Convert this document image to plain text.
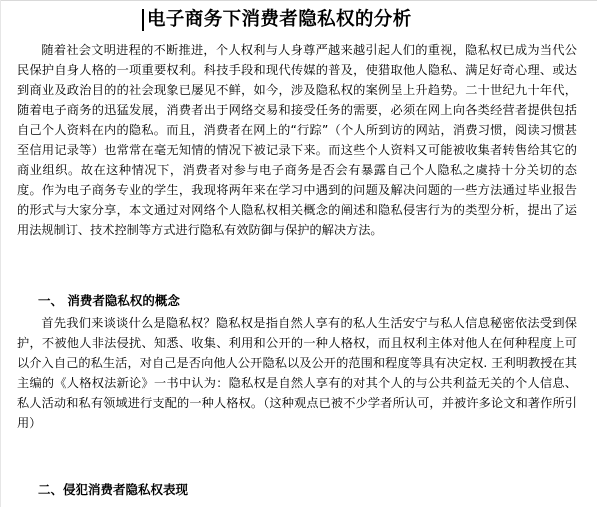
电子商务下消费者隐私权的分析
随着社会文明进程的不断推进，个人权利与人身尊严越来越引起人们的重视，隐私权已成为当代公民保护自身人格的一项重要权利。科技手段和现代传媒的普及，使猎取他人隐私、满足好奇心理、或达到商业及政治目的的社会现象已屡见不鲜，如今，涉及隐私权的案例呈上升趋势。二十世纪九十年代，随着电子商务的迅猛发展，消费者出于网络交易和接受任务的需要，必须在网上向各类经营者提供包括自己个人资料在内的隐私。而且，消费者在网上的“行踪”（个人所到访的网站，消费习惯，阅读习惯甚至信用记录等）也常常在毫无知情的情况下被记录下来。而这些个人资料又可能被收集者转售给其它的商业组织。故在这种情况下，消费者对参与电子商务是否会有暴露自己个人隐私之虞持十分关切的态度。作为电子商务专业的学生，我现将两年来在学习中遇到的问题及解决问题的一些方法通过毕业报告的形式与大家分享，本文通过对网络个人隐私权相关概念的阐述和隐私侵害行为的类型分析，提出了运用法规制订、技术控制等方式进行隐私有效防御与保护的解决方法。
一、 消费者隐私权的概念
首先我们来谈谈什么是隐私权？隐私权是指自然人享有的私人生活安宁与私人信息秘密依法受到保护，不被他人非法侵扰、知悉、收集、利用和公开的一种人格权，而且权利主体对他人在何种程度上可以介入自己的私生活，对自己是否向他人公开隐私以及公开的范围和程度等具有决定权. 王利明教授在其主编的《人格权法新论》一书中认为：隐私权是自然人享有的对其个人的与公共利益无关的个人信息、私人活动和私有领域进行支配的一种人格权。（这种观点已被不少学者所认可，并被许多论文和著作所引用）
二、侵犯消费者隐私权表现
